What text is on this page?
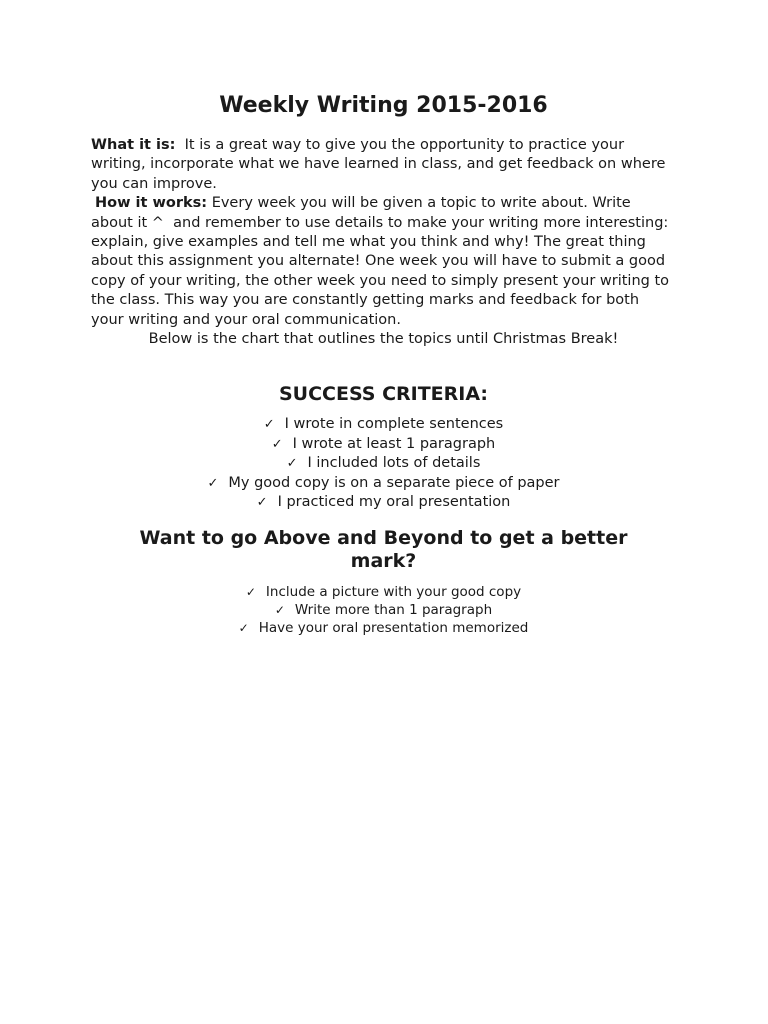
Weekly Writing 2015-2016

What it is: It is a great way to give you the opportunity to practice your writing, incorporate what we have learned in class, and get feedback on where you can improve.

How it works: Every week you will be given a topic to write about. Write about it ^ and remember to use details to make your writing more interesting: explain, give examples and tell me what you think and why! The great thing about this assignment you alternate! One week you will have to submit a good copy of your writing, the other week you need to simply present your writing to the class. This way you are constantly getting marks and feedback for both your writing and your oral communication.

Below is the chart that outlines the topics until Christmas Break!

SUCCESS CRITERIA:
✓ I wrote in complete sentences
✓ I wrote at least 1 paragraph
✓ I included lots of details
✓ My good copy is on a separate piece of paper
✓ I practiced my oral presentation
Want to go Above and Beyond to get a better mark?
✓ Include a picture with your good copy
✓ Write more than 1 paragraph
✓ Have your oral presentation memorized
